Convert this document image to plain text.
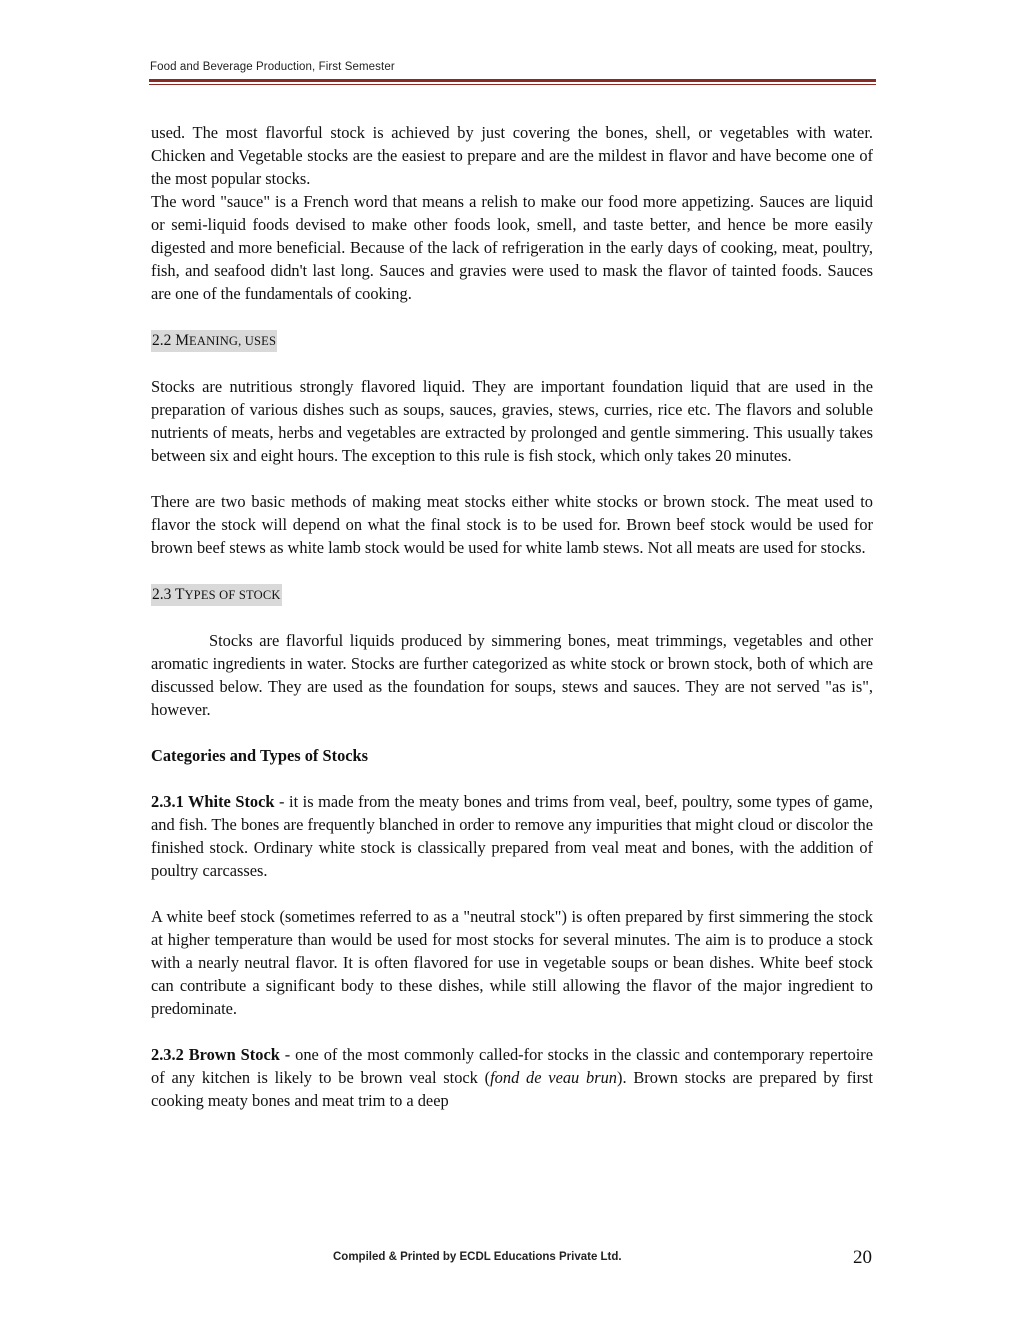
Food and Beverage Production, First Semester

used. The most flavorful stock is achieved by just covering the bones, shell, or vegetables with water. Chicken and Vegetable stocks are the easiest to prepare and are the mildest in flavor and have become one of the most popular stocks.

The word "sauce" is a French word that means a relish to make our food more appetizing. Sauces are liquid or semi-liquid foods devised to make other foods look, smell, and taste better, and hence be more easily digested and more beneficial. Because of the lack of refrigeration in the early days of cooking, meat, poultry, fish, and seafood didn't last long. Sauces and gravies were used to mask the flavor of tainted foods. Sauces are one of the fundamentals of cooking.

2.2 MEANING, USES

Stocks are nutritious strongly flavored liquid. They are important foundation liquid that are used in the preparation of various dishes such as soups, sauces, gravies, stews, curries, rice etc. The flavors and soluble nutrients of meats, herbs and vegetables are extracted by prolonged and gentle simmering. This usually takes between six and eight hours. The exception to this rule is fish stock, which only takes 20 minutes.

There are two basic methods of making meat stocks either white stocks or brown stock. The meat used to flavor the stock will depend on what the final stock is to be used for. Brown beef stock would be used for brown beef stews as white lamb stock would be used for white lamb stews. Not all meats are used for stocks.

2.3 TYPES OF STOCK

Stocks are flavorful liquids produced by simmering bones, meat trimmings, vegetables and other aromatic ingredients in water. Stocks are further categorized as white stock or brown stock, both of which are discussed below. They are used as the foundation for soups, stews and sauces. They are not served "as is", however.

Categories and Types of Stocks

2.3.1 White Stock - it is made from the meaty bones and trims from veal, beef, poultry, some types of game, and fish. The bones are frequently blanched in order to remove any impurities that might cloud or discolor the finished stock. Ordinary white stock is classically prepared from veal meat and bones, with the addition of poultry carcasses.

A white beef stock (sometimes referred to as a "neutral stock") is often prepared by first simmering the stock at higher temperature than would be used for most stocks for several minutes. The aim is to produce a stock with a nearly neutral flavor. It is often flavored for use in vegetable soups or bean dishes. White beef stock can contribute a significant body to these dishes, while still allowing the flavor of the major ingredient to predominate.

2.3.2 Brown Stock - one of the most commonly called-for stocks in the classic and contemporary repertoire of any kitchen is likely to be brown veal stock (fond de veau brun). Brown stocks are prepared by first cooking meaty bones and meat trim to a deep

Compiled & Printed by ECDL Educations Private Ltd.	20
